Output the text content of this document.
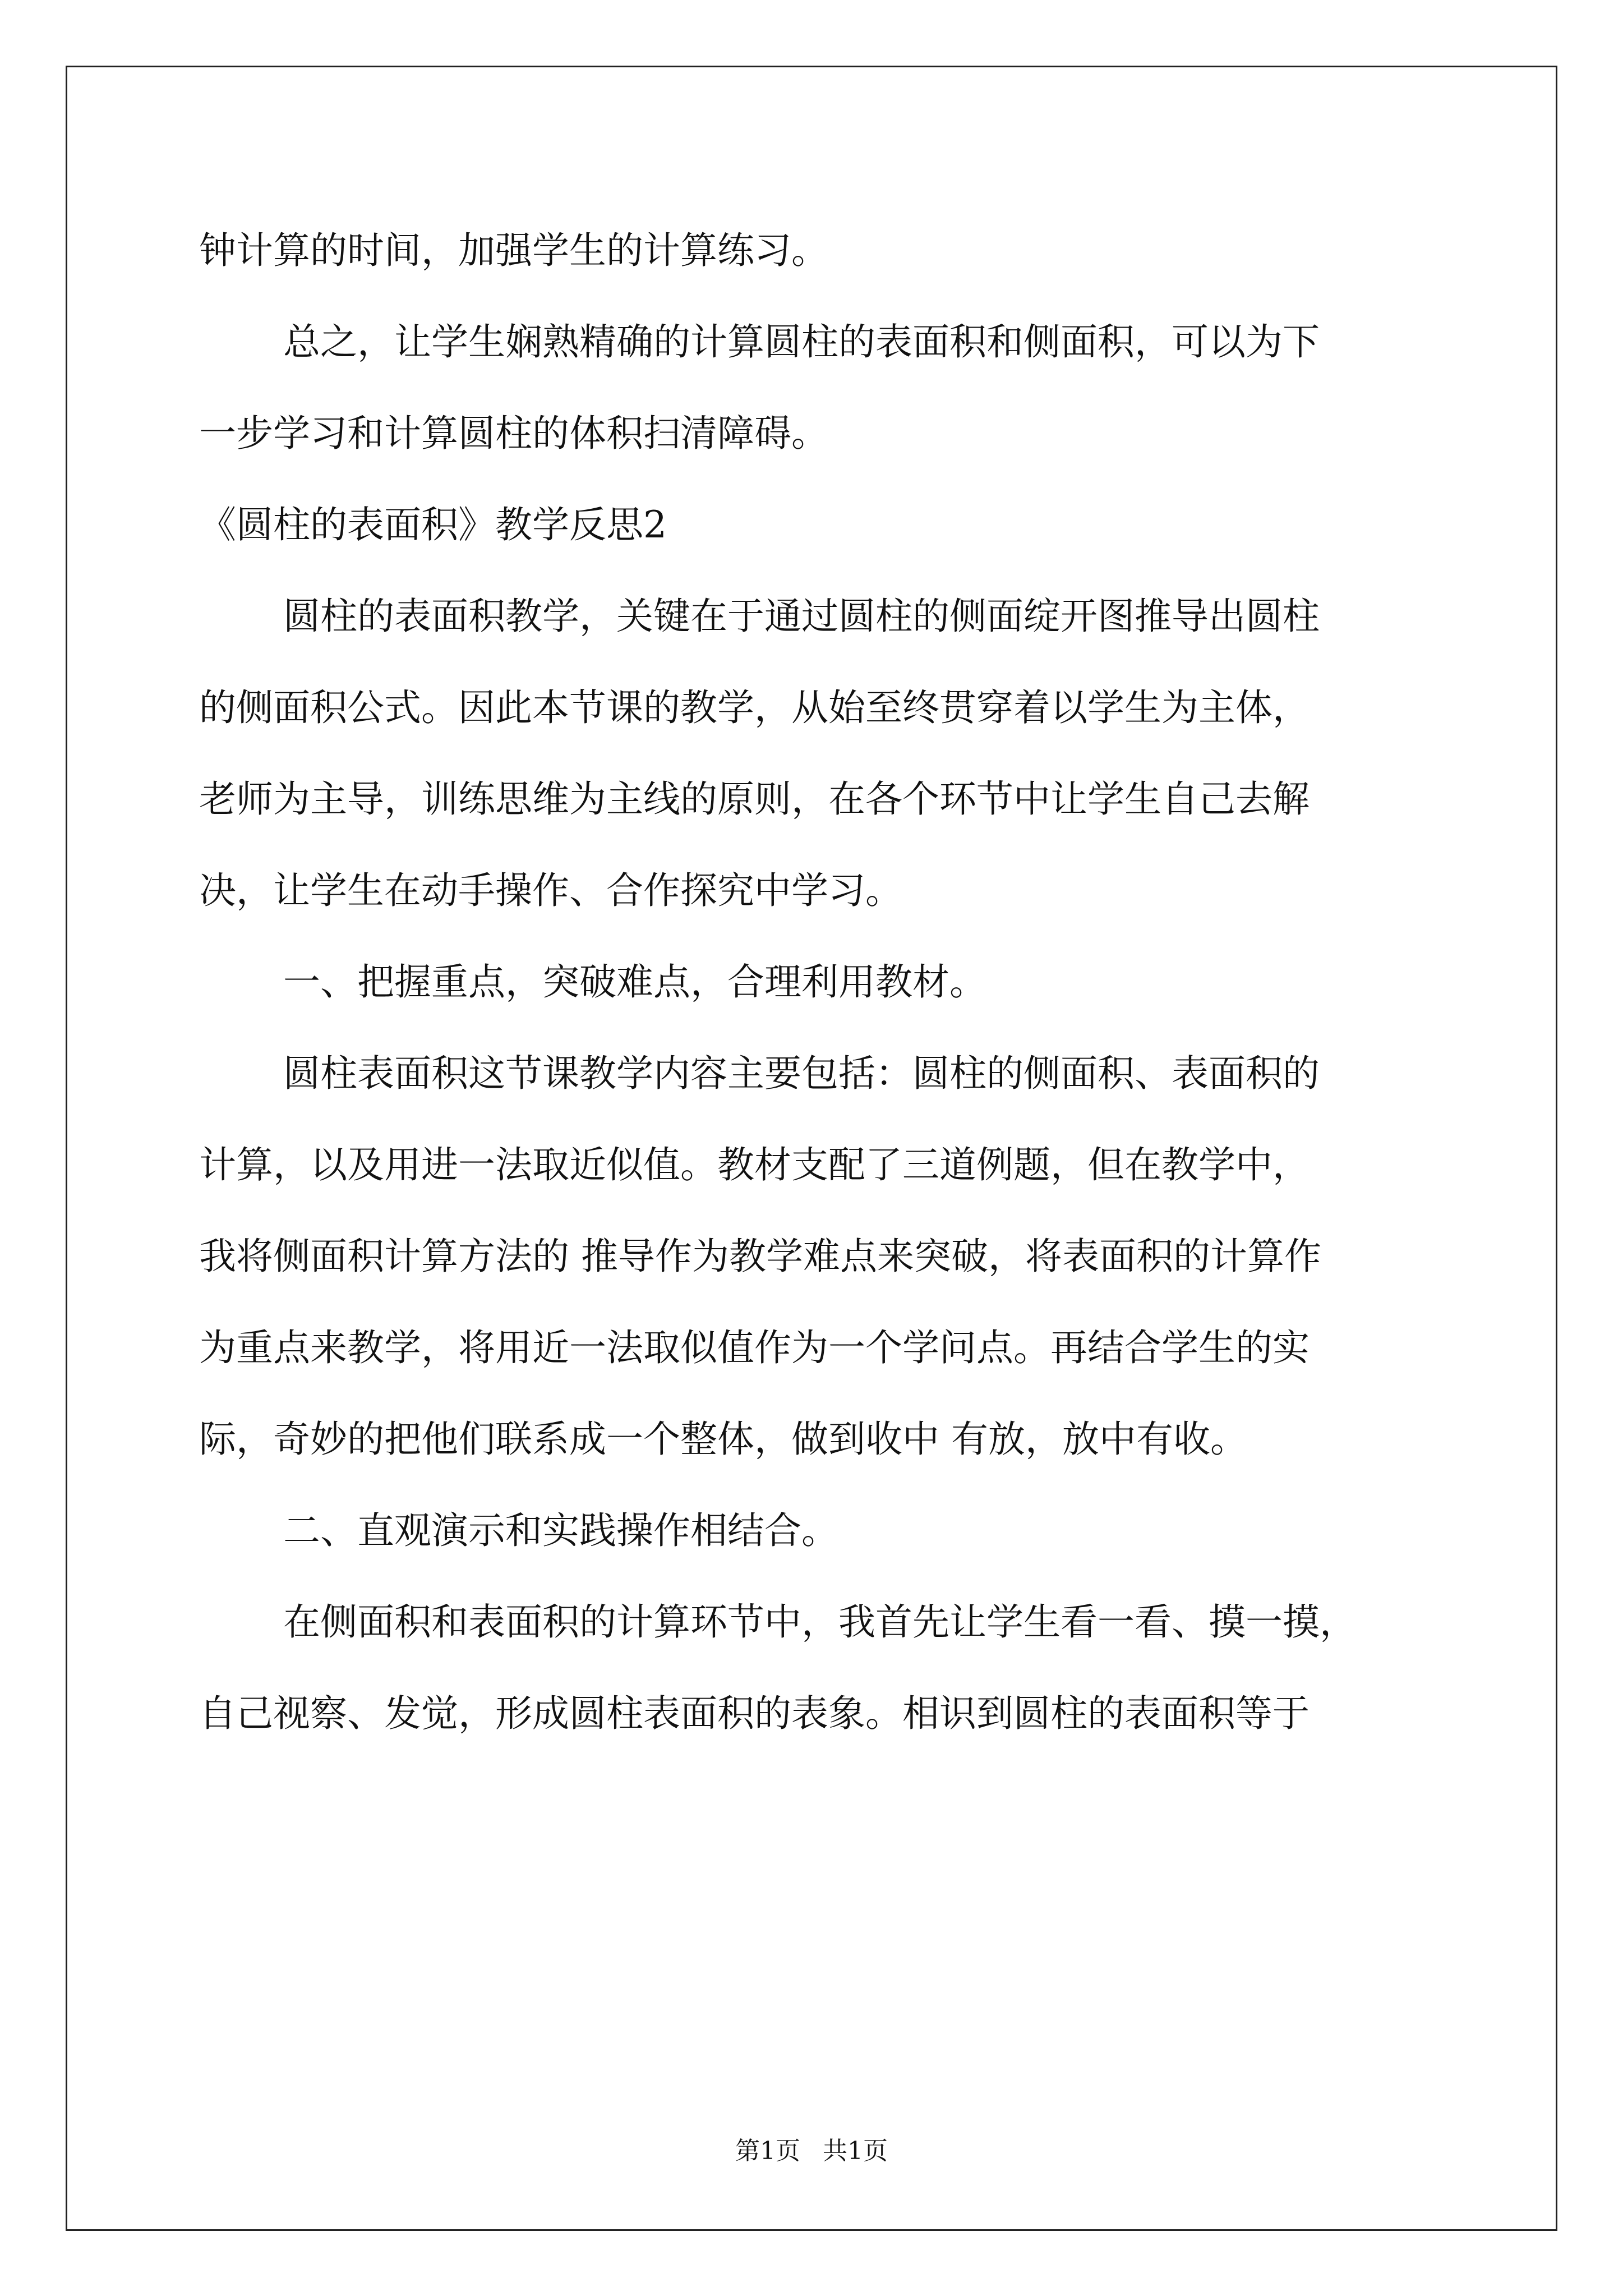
钟计算的时间，加强学生的计算练习。

总之，让学生娴熟精确的计算圆柱的表面积和侧面积，可以为下

一步学习和计算圆柱的体积扫清障碍。

《圆柱的表面积》教学反思2

圆柱的表面积教学，关键在于通过圆柱的侧面绽开图推导出圆柱

的侧面积公式。因此本节课的教学，从始至终贯穿着以学生为主体，

老师为主导，训练思维为主线的原则，在各个环节中让学生自己去解

决，让学生在动手操作、合作探究中学习。

一、把握重点，突破难点，合理利用教材。

圆柱表面积这节课教学内容主要包括：圆柱的侧面积、表面积的

计算，以及用进一法取近似值。教材支配了三道例题，但在教学中，

我将侧面积计算方法的 推导作为教学难点来突破，将表面积的计算作

为重点来教学，将用近一法取似值作为一个学问点。再结合学生的实

际，奇妙的把他们联系成一个整体，做到收中 有放，放中有收。

二、直观演示和实践操作相结合。

在侧面积和表面积的计算环节中，我首先让学生看一看、摸一摸，

自己视察、发觉，形成圆柱表面积的表象。相识到圆柱的表面积等于

第1页 共1页
